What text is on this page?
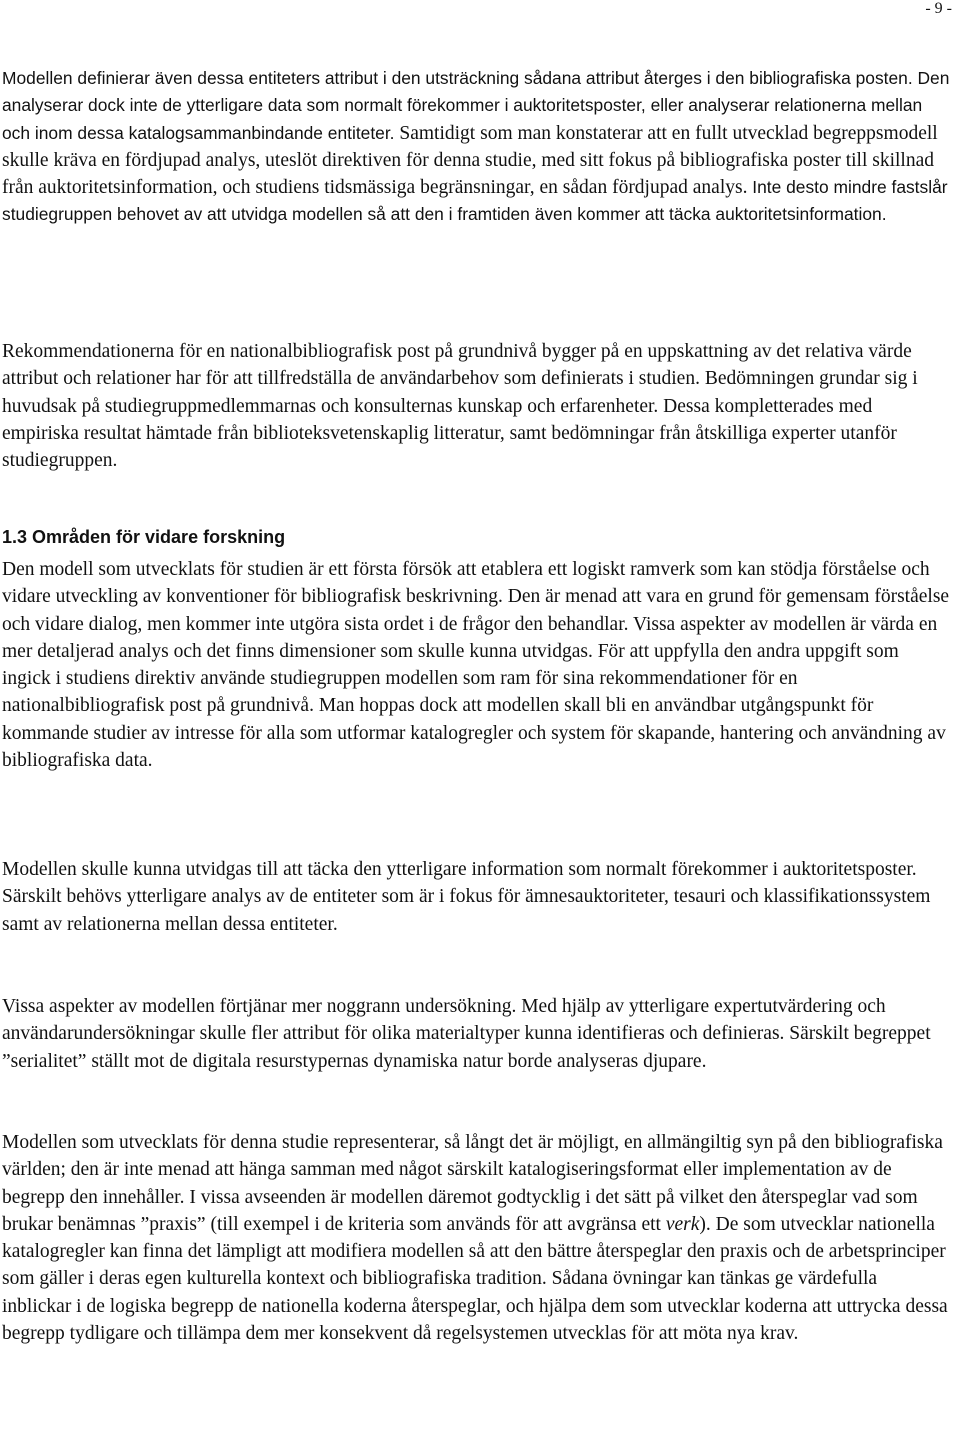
- 9 -

Modellen definierar även dessa entiteters attribut i den utsträckning sådana attribut återges i den bibliografiska posten. Den analyserar dock inte de ytterligare data som normalt förekommer i auktoritetsposter, eller analyserar relationerna mellan och inom dessa katalogsammanbindande entiteter. Samtidigt som man konstaterar att en fullt utvecklad begreppsmodell skulle kräva en fördjupad analys, uteslöt direktiven för denna studie, med sitt fokus på bibliografiska poster till skillnad från auktoritetsinformation, och studiens tidsmässiga begränsningar, en sådan fördjupad analys. Inte desto mindre fastslår studiegruppen behovet av att utvidga modellen så att den i framtiden även kommer att täcka auktoritetsinformation.

Rekommendationerna för en nationalbibliografisk post på grundnivå bygger på en uppskattning av det relativa värde attribut och relationer har för att tillfredställa de användarbehov som definierats i studien. Bedömningen grundar sig i huvudsak på studiegruppmedlemmarnas och konsulternas kunskap och erfarenheter. Dessa kompletterades med empiriska resultat hämtade från biblioteksvetenskaplig litteratur, samt bedömningar från åtskilliga experter utanför studiegruppen.

1.3 Områden för vidare forskning

Den modell som utvecklats för studien är ett första försök att etablera ett logiskt ramverk som kan stödja förståelse och vidare utveckling av konventioner för bibliografisk beskrivning. Den är menad att vara en grund för gemensam förståelse och vidare dialog, men kommer inte utgöra sista ordet i de frågor den behandlar. Vissa aspekter av modellen är värda en mer detaljerad analys och det finns dimensioner som skulle kunna utvidgas. För att uppfylla den andra uppgift som ingick i studiens direktiv använde studiegruppen modellen som ram för sina rekommendationer för en nationalbibliografisk post på grundnivå. Man hoppas dock att modellen skall bli en användbar utgångspunkt för kommande studier av intresse för alla som utformar katalogregler och system för skapande, hantering och användning av bibliografiska data.

Modellen skulle kunna utvidgas till att täcka den ytterligare information som normalt förekommer i auktoritetsposter. Särskilt behövs ytterligare analys av de entiteter som är i fokus för ämnesauktoriteter, tesauri och klassifikationssystem samt av relationerna mellan dessa entiteter.

Vissa aspekter av modellen förtjänar mer noggrann undersökning. Med hjälp av ytterligare expertutvärdering och användarundersökningar skulle fler attribut för olika materialtyper kunna identifieras och definieras. Särskilt begreppet ”serialitet” ställt mot de digitala resurstypernas dynamiska natur borde analyseras djupare.

Modellen som utvecklats för denna studie representerar, så långt det är möjligt, en allmängiltig syn på den bibliografiska världen; den är inte menad att hänga samman med något särskilt katalogiseringsformat eller implementation av de begrepp den innehåller. I vissa avseenden är modellen däremot godtycklig i det sätt på vilket den återspeglar vad som brukar benämnas ”praxis” (till exempel i de kriteria som används för att avgränsa ett verk). De som utvecklar nationella katalogregler kan finna det lämpligt att modifiera modellen så att den bättre återspeglar den praxis och de arbetsprinciper som gäller i deras egen kulturella kontext och bibliografiska tradition. Sådana övningar kan tänkas ge värdefulla inblickar i de logiska begrepp de nationella koderna återspeglar, och hjälpa dem som utvecklar koderna att uttrycka dessa begrepp tydligare och tillämpa dem mer konsekvent då regelsystemen utvecklas för att möta nya krav.
